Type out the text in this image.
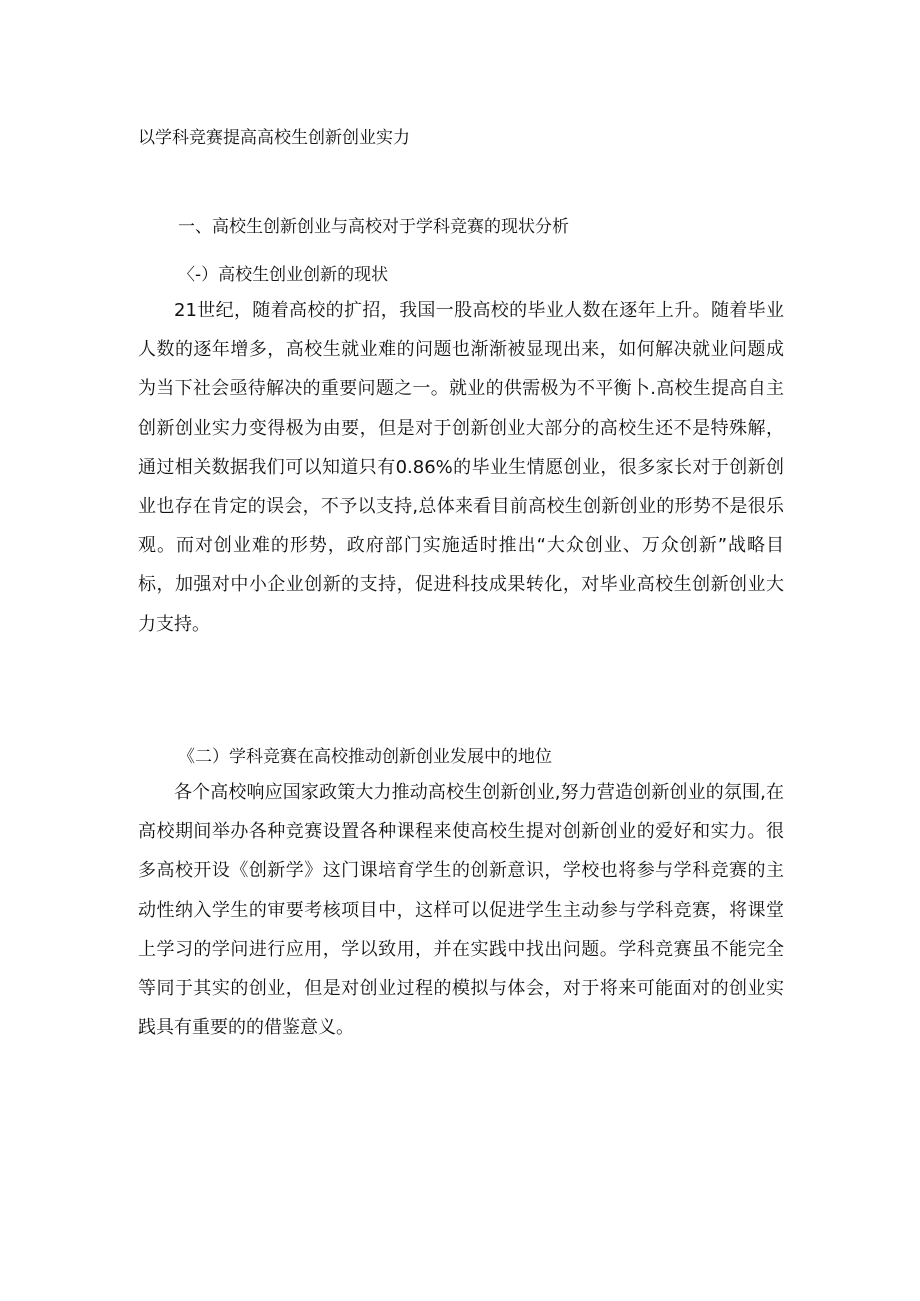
以学科竞赛提高高校生创新创业实力
一、高校生创新创业与高校对于学科竞赛的现状分析
〈-）高校生创业创新的现状

21世纪，随着高校的扩招，我国一股高校的毕业人数在逐年上升。随着毕业人数的逐年增多，高校生就业难的问题也渐渐被显现出来，如何解决就业问题成为当下社会亟待解决的重要问题之一。就业的供需极为不平衡卜.高校生提高自主创新创业实力变得极为由要，但是对于创新创业大部分的高校生还不是特殊解，通过相关数据我们可以知道只有0.86%的毕业生情愿创业，很多家长对于创新创业也存在肯定的误会，不予以支持,总体来看目前高校生创新创业的形势不是很乐观。而对创业难的形势，政府部门实施适时推出“大众创业、万众创新”战略目标，加强对中小企业创新的支持，促进科技成果转化，对毕业高校生创新创业大力支持。

《二）学科竞赛在高校推动创新创业发展中的地位

各个高校响应国家政策大力推动高校生创新创业,努力营造创新创业的氛围,在高校期间举办各种竞赛设置各种课程来使高校生提对创新创业的爱好和实力。很多高校开设《创新学》这门课培育学生的创新意识，学校也将参与学科竞赛的主动性纳入学生的审要考核项目中，这样可以促进学生主动参与学科竞赛，将课堂上学习的学问进行应用，学以致用，并在实践中找出问题。学科竞赛虽不能完全等同于其实的创业，但是对创业过程的模拟与体会，对于将来可能面对的创业实践具有重要的的借鉴意义。
